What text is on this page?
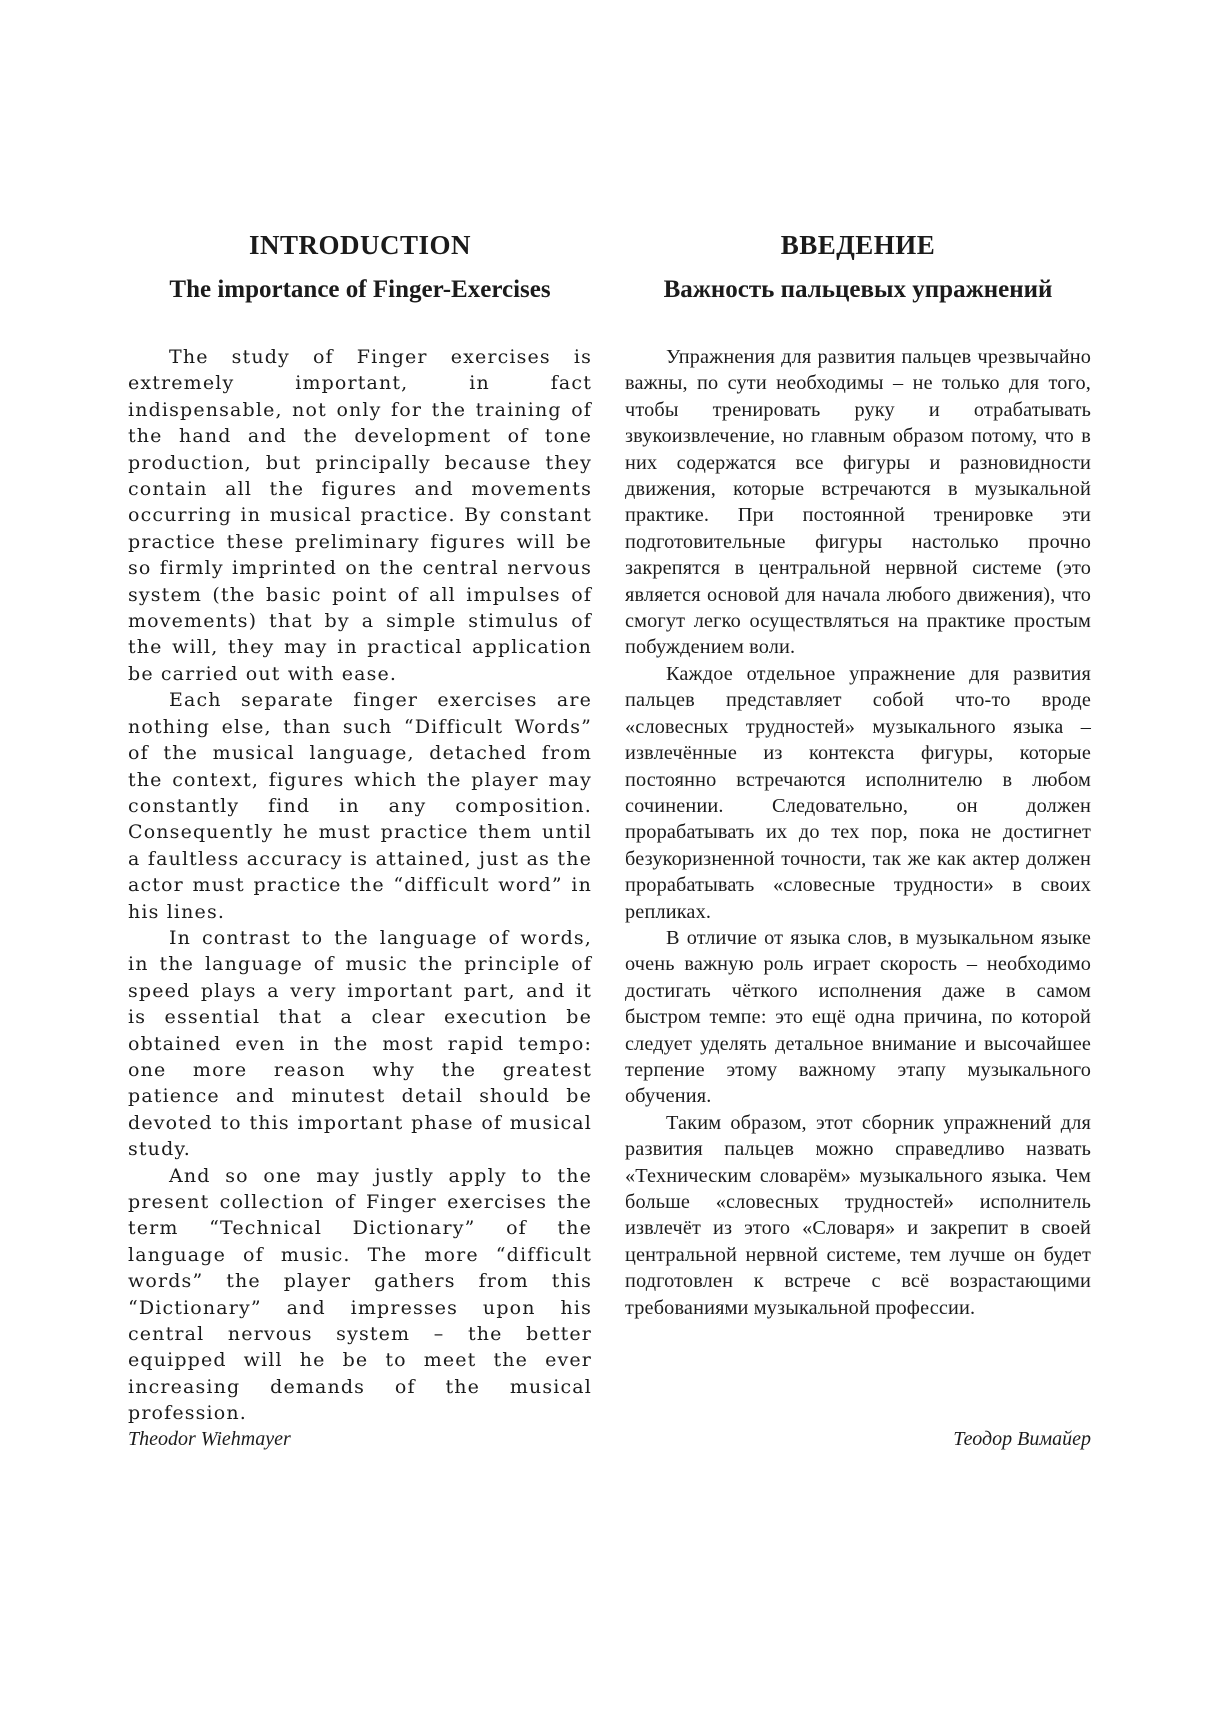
INTRODUCTION
The importance of Finger-Exercises

The study of Finger exercises is extremely important, in fact indispensable, not only for the training of the hand and the development of tone production, but principally because they contain all the figures and movements occurring in musical practice. By constant practice these preliminary figures will be so firmly imprinted on the central nervous system (the basic point of all impulses of movements) that by a simple stimulus of the will, they may in practical application be carried out with ease.

Each separate finger exercises are nothing else, than such “Difficult Words” of the musical language, detached from the context, figures which the player may constantly find in any composition. Consequently he must practice them until a faultless accuracy is attained, just as the actor must practice the “difficult word” in his lines.

In contrast to the language of words, in the language of music the principle of speed plays a very important part, and it is essential that a clear execution be obtained even in the most rapid tempo: one more reason why the greatest patience and minutest detail should be devoted to this important phase of musical study.

And so one may justly apply to the present collection of Finger exercises the term “Technical Dictionary” of the language of music. The more “difficult words” the player gathers from this “Dictionary” and impresses upon his central nervous system – the better equipped will he be to meet the ever increasing demands of the musical profession.

ВВЕДЕНИЕ
Важность пальцевых упражнений

Упражнения для развития пальцев чрезвычайно важны, по сути необходимы – не только для того, чтобы тренировать руку и отрабатывать звукоизвлечение, но главным образом потому, что в них содержатся все фигуры и разновидности движения, которые встречаются в музыкальной практике. При постоянной тренировке эти подготовительные фигуры настолько прочно закрепятся в центральной нервной системе (это является основой для начала любого движения), что смогут легко осуществляться на практике простым побуждением воли.

Каждое отдельное упражнение для развития пальцев представляет собой что-то вроде «словесных трудностей» музыкального языка – извлечённые из контекста фигуры, которые постоянно встречаются исполнителю в любом сочинении. Следовательно, он должен прорабатывать их до тех пор, пока не достигнет безукоризненной точности, так же как актер должен прорабатывать «словесные трудности» в своих репликах.

В отличие от языка слов, в музыкальном языке очень важную роль играет скорость – необходимо достигать чёткого исполнения даже в самом быстром темпе: это ещё одна причина, по которой следует уделять детальное внимание и высочайшее терпение этому важному этапу музыкального обучения.

Таким образом, этот сборник упражнений для развития пальцев можно справедливо назвать «Техническим словарём» музыкального языка. Чем больше «словесных трудностей» исполнитель извлечёт из этого «Словаря» и закрепит в своей центральной нервной системе, тем лучше он будет подготовлен к встрече с всё возрастающими требованиями музыкальной профессии.

Theodor Wiehmayer	Теодор Вимайер
